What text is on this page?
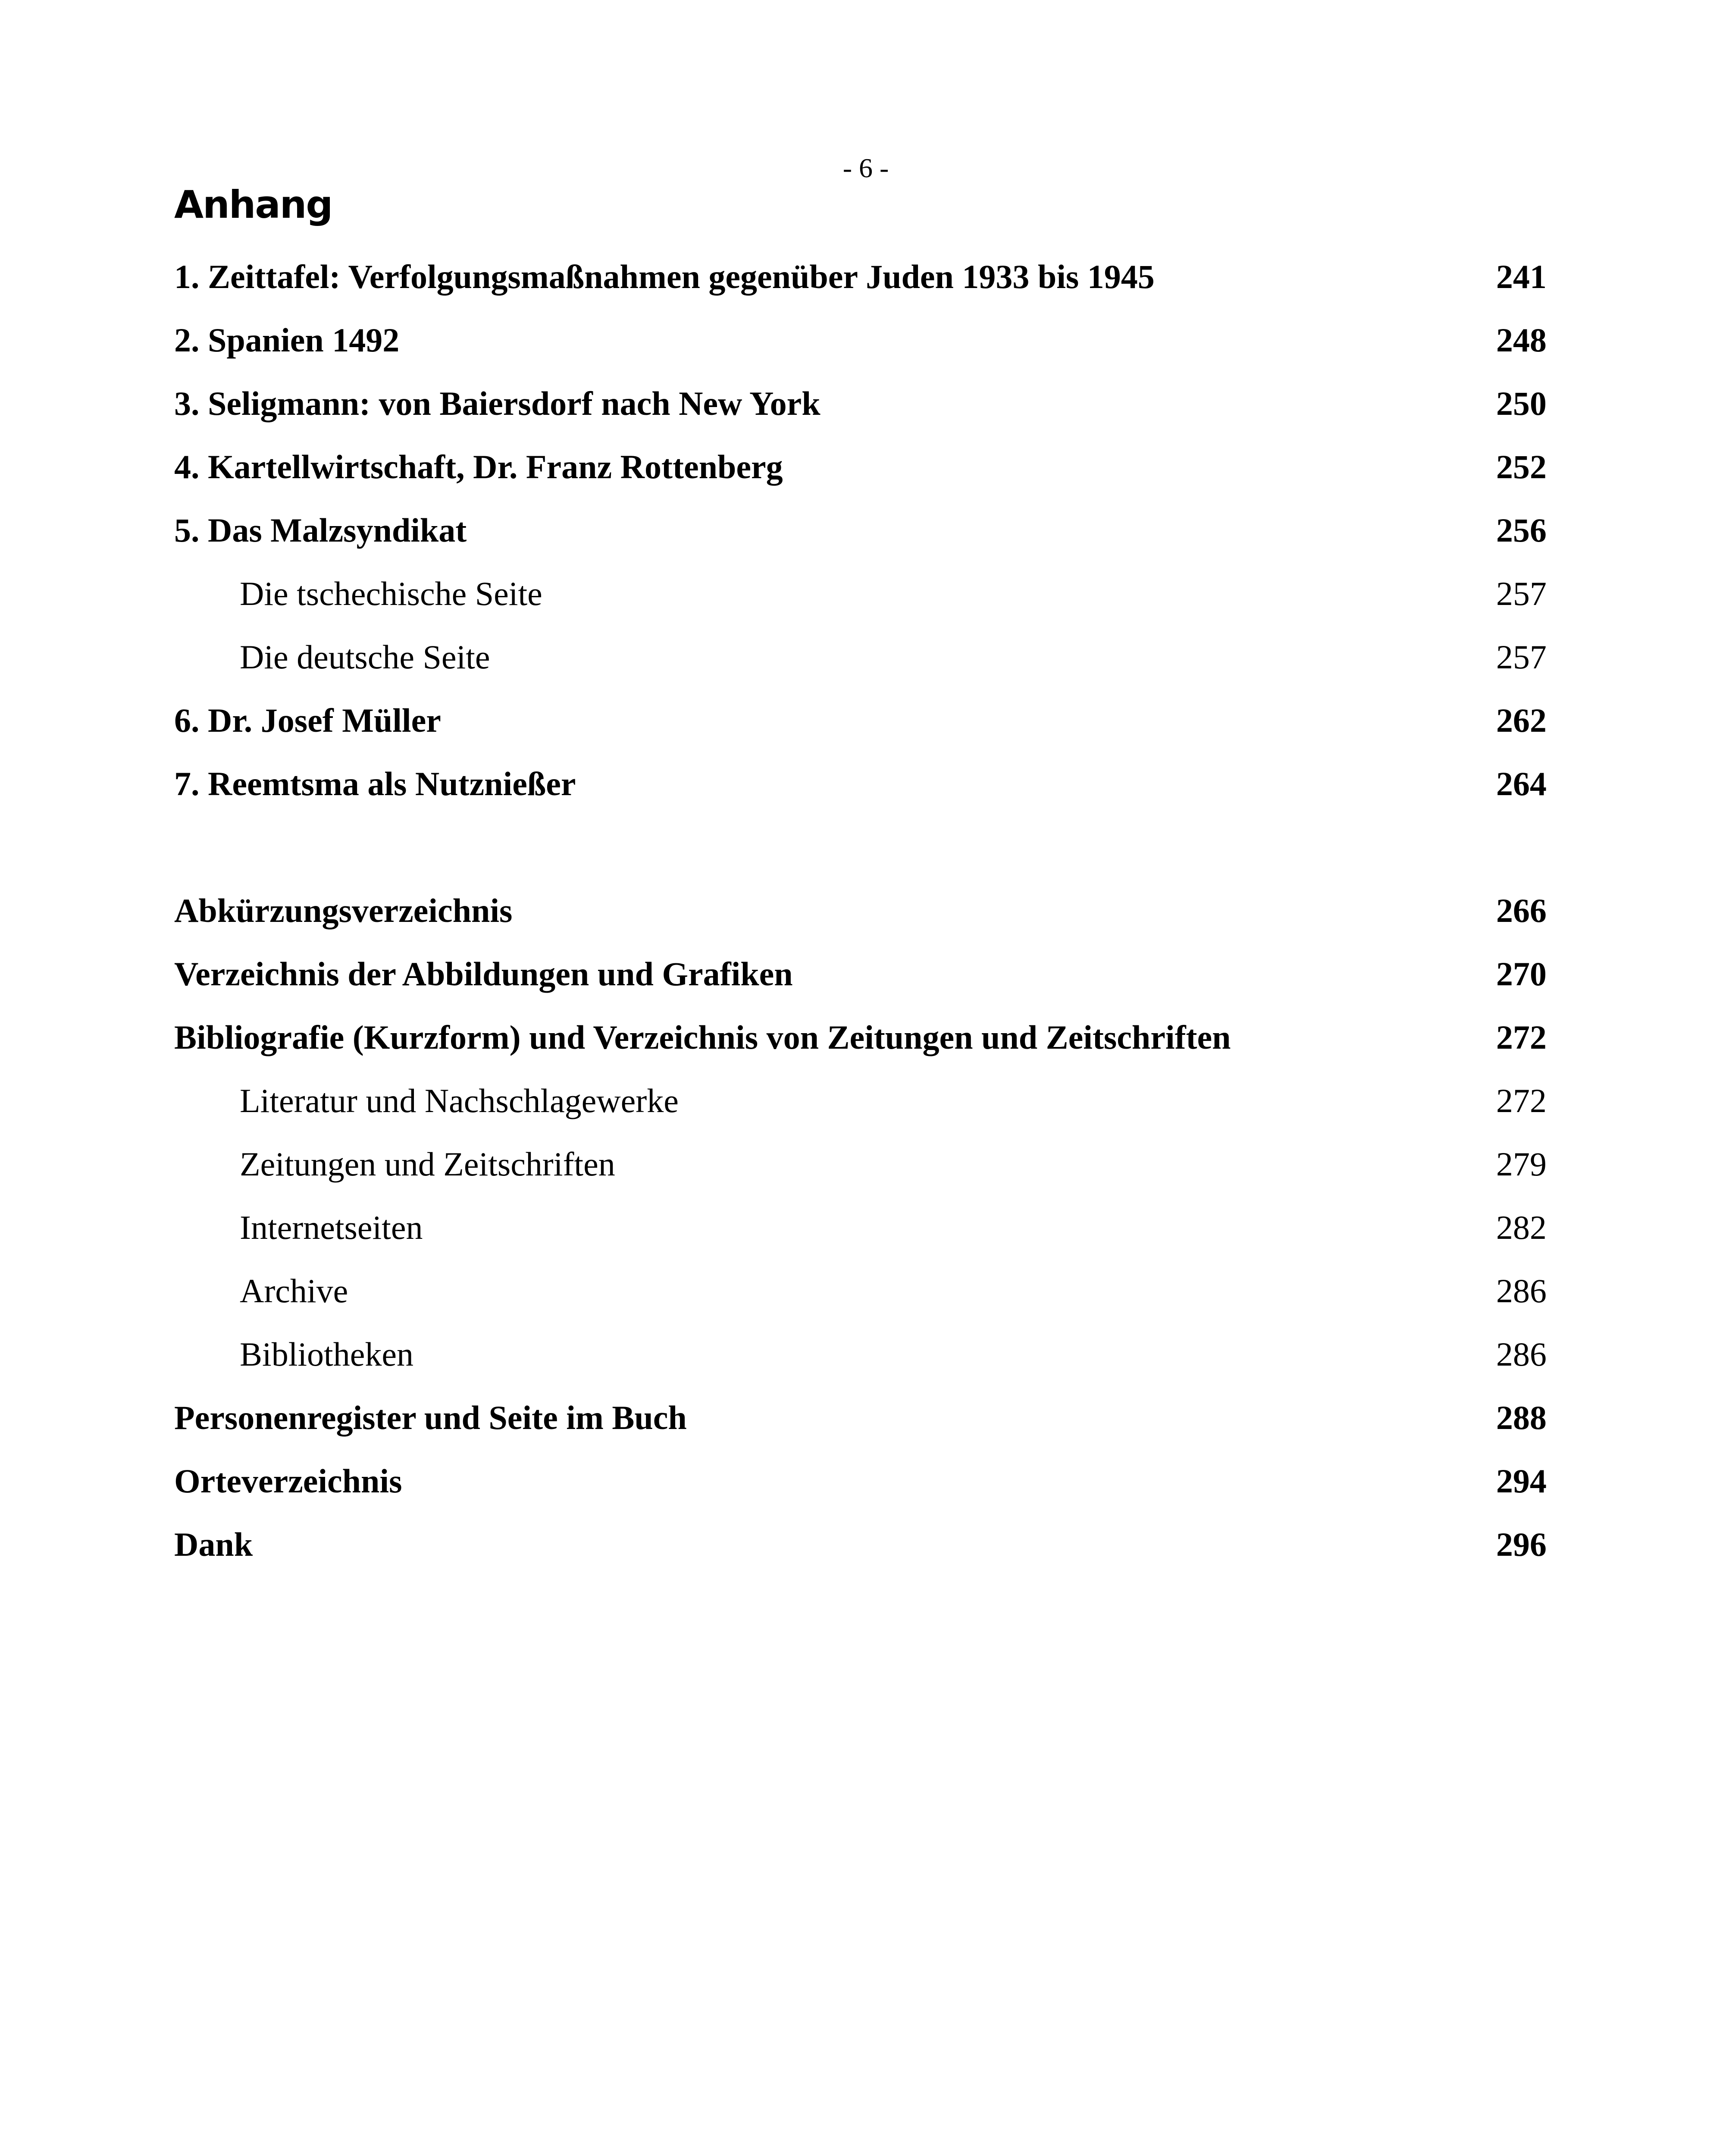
- 6 -
Anhang
1. Zeittafel: Verfolgungsmaßnahmen gegenüber Juden 1933 bis 1945	241
2. Spanien 1492	248
3. Seligmann: von Baiersdorf nach New York	250
4. Kartellwirtschaft, Dr. Franz Rottenberg	252
5. Das Malzsyndikat	256
Die tschechische Seite	257
Die deutsche Seite	257
6. Dr. Josef Müller	262
7. Reemtsma als Nutznießer	264
Abkürzungsverzeichnis	266
Verzeichnis der Abbildungen und Grafiken	270
Bibliografie (Kurzform) und Verzeichnis von Zeitungen und Zeitschriften	272
Literatur und Nachschlagewerke	272
Zeitungen und Zeitschriften	279
Internetseiten	282
Archive	286
Bibliotheken	286
Personenregister und Seite im Buch	288
Orteverzeichnis	294
Dank	296
